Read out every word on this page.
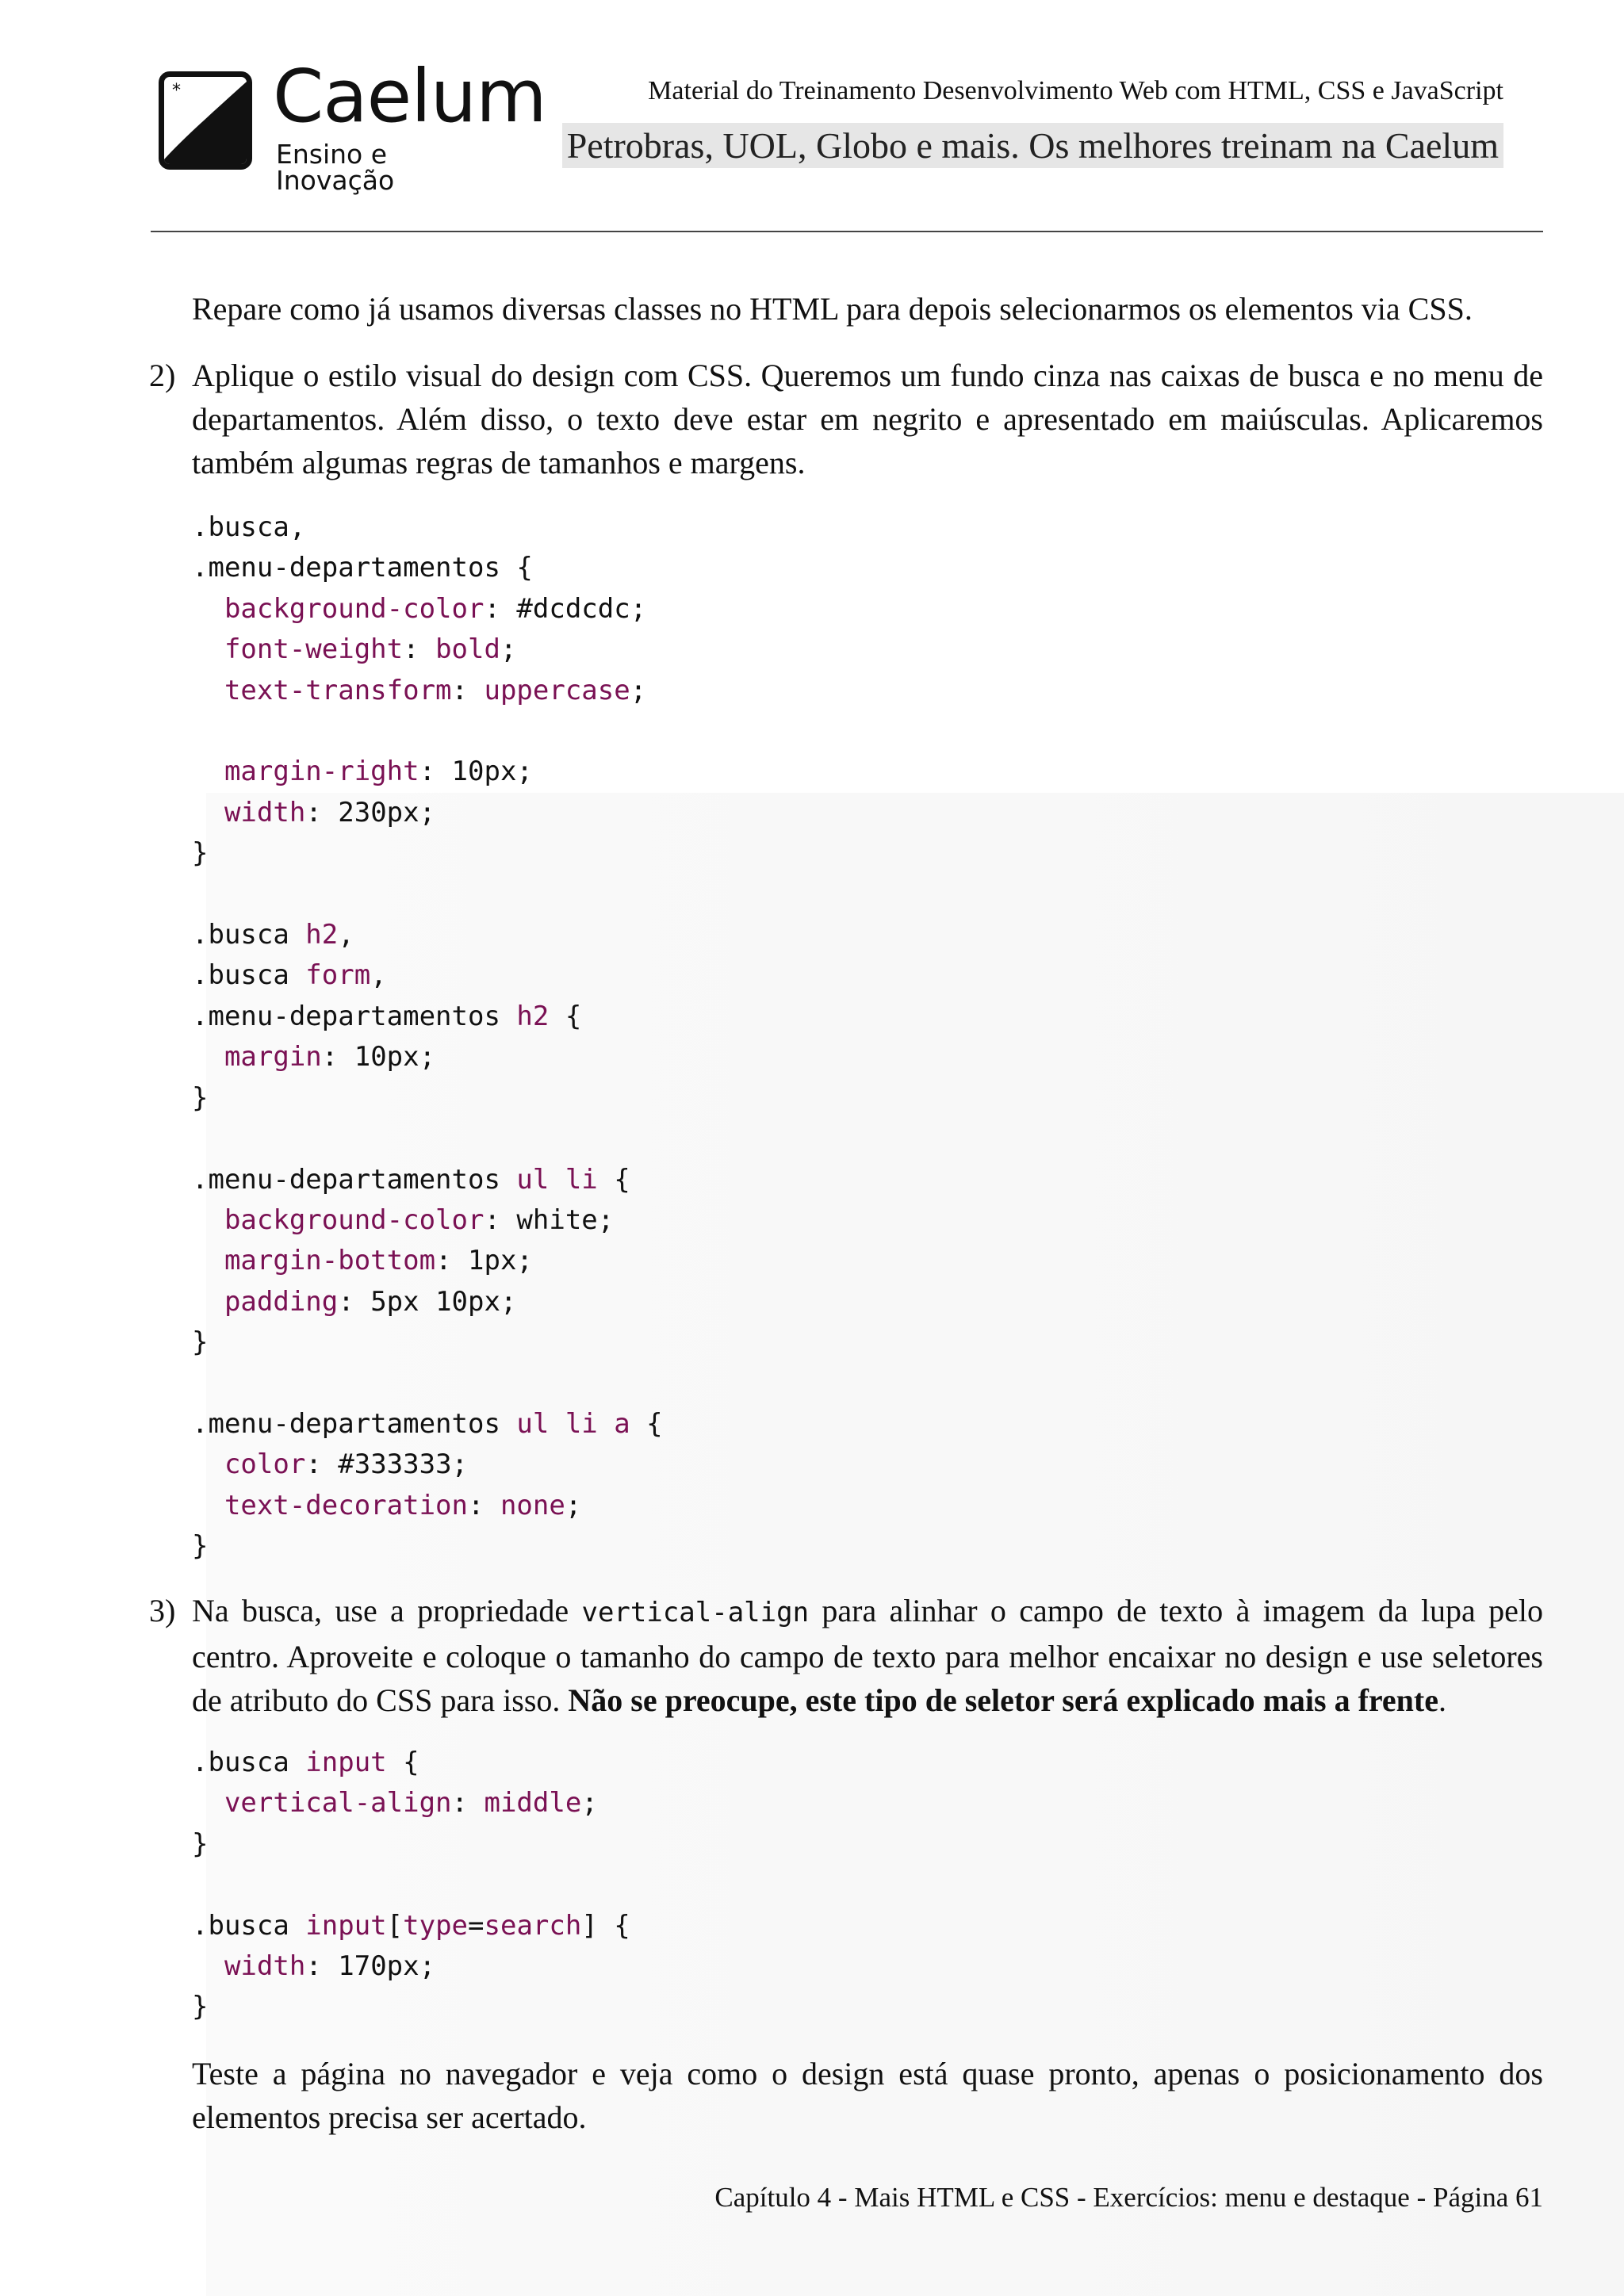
* Caelum
Ensino e Inovação
Material do Treinamento Desenvolvimento Web com HTML, CSS e JavaScript
Petrobras, UOL, Globo e mais. Os melhores treinam na Caelum
Repare como já usamos diversas classes no HTML para depois selecionarmos os elementos via CSS.
2) Aplique o estilo visual do design com CSS. Queremos um fundo cinza nas caixas de busca e no menu de departamentos. Além disso, o texto deve estar em negrito e apresentado em maiúsculas. Aplicaremos também algumas regras de tamanhos e margens.
.busca,
.menu-departamentos {
background-color: #dcdcdc;
font-weight: bold;
text-transform: uppercase;

margin-right: 10px;
width: 230px;
}

.busca h2,
.busca form,
.menu-departamentos h2 {
margin: 10px;
}

.menu-departamentos ul li {
background-color: white;
margin-bottom: 1px;
padding: 5px 10px;
}

.menu-departamentos ul li a {
color: #333333;
text-decoration: none;
}
3) Na busca, use a propriedade vertical-align para alinhar o campo de texto à imagem da lupa pelo centro. Aproveite e coloque o tamanho do campo de texto para melhor encaixar no design e use seletores de atributo do CSS para isso. Não se preocupe, este tipo de seletor será explicado mais a frente.
.busca input {
vertical-align: middle;
}

.busca input[type=search] {
width: 170px;
}
Teste a página no navegador e veja como o design está quase pronto, apenas o posicionamento dos elementos precisa ser acertado.
Capítulo 4 - Mais HTML e CSS - Exercícios: menu e destaque - Página 61
